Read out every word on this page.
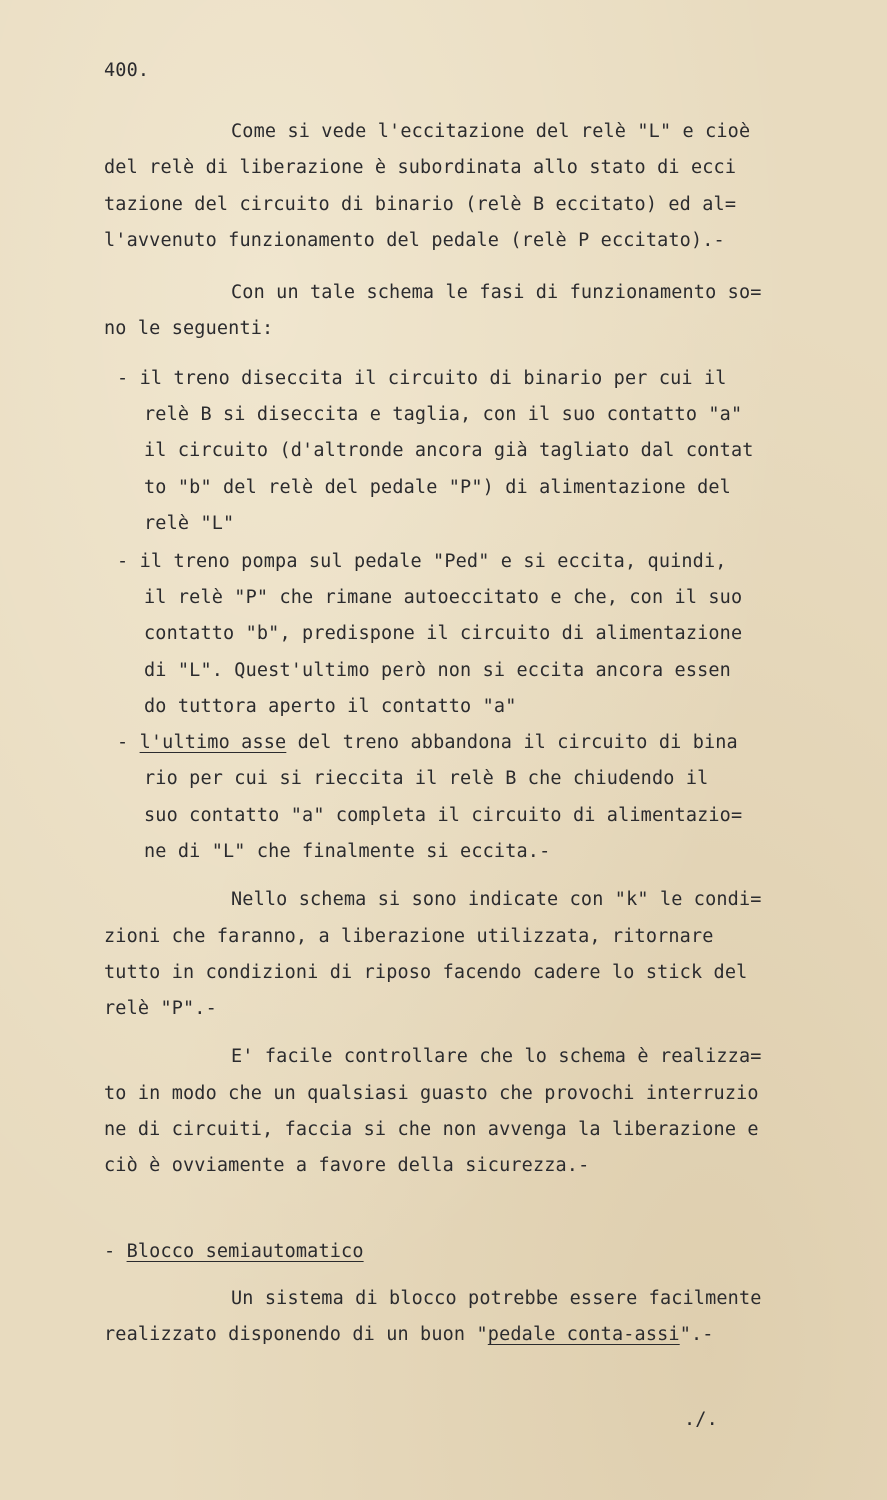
400.
Come si vede l'eccitazione del relè "L" e cioè
del relè di liberazione è subordinata allo stato di ecci
tazione del circuito di binario (relè B eccitato) ed al=
l'avvenuto funzionamento del pedale (relè P eccitato).-
Con un tale schema le fasi di funzionamento so=
no le seguenti:
- il treno diseccita il circuito di binario per cui il
relè B si diseccita e taglia, con il suo contatto "a"
il circuito (d'altronde ancora già tagliato dal contat
to "b" del relè del pedale "P") di alimentazione del
relè "L"
- il treno pompa sul pedale "Ped" e si eccita, quindi,
il relè "P" che rimane autoeccitato e che, con il suo
contatto "b", predispone il circuito di alimentazione
di "L". Quest'ultimo però non si eccita ancora essen
do tuttora aperto il contatto "a"
- l'ultimo asse del treno abbandona il circuito di bina
rio per cui si rieccita il relè B che chiudendo il
suo contatto "a" completa il circuito di alimentazio=
ne di "L" che finalmente si eccita.-
Nello schema si sono indicate con "k" le condi=
zioni che faranno, a liberazione utilizzata, ritornare
tutto in condizioni di riposo facendo cadere lo stick del
relè "P".-
E' facile controllare che lo schema è realizza=
to in modo che un qualsiasi guasto che provochi interruzio
ne di circuiti, faccia si che non avvenga la liberazione e
ciò è ovviamente a favore della sicurezza.-
- Blocco semiautomatico
Un sistema di blocco potrebbe essere facilmente
realizzato disponendo di un buon "pedale conta-assi".-
./.
